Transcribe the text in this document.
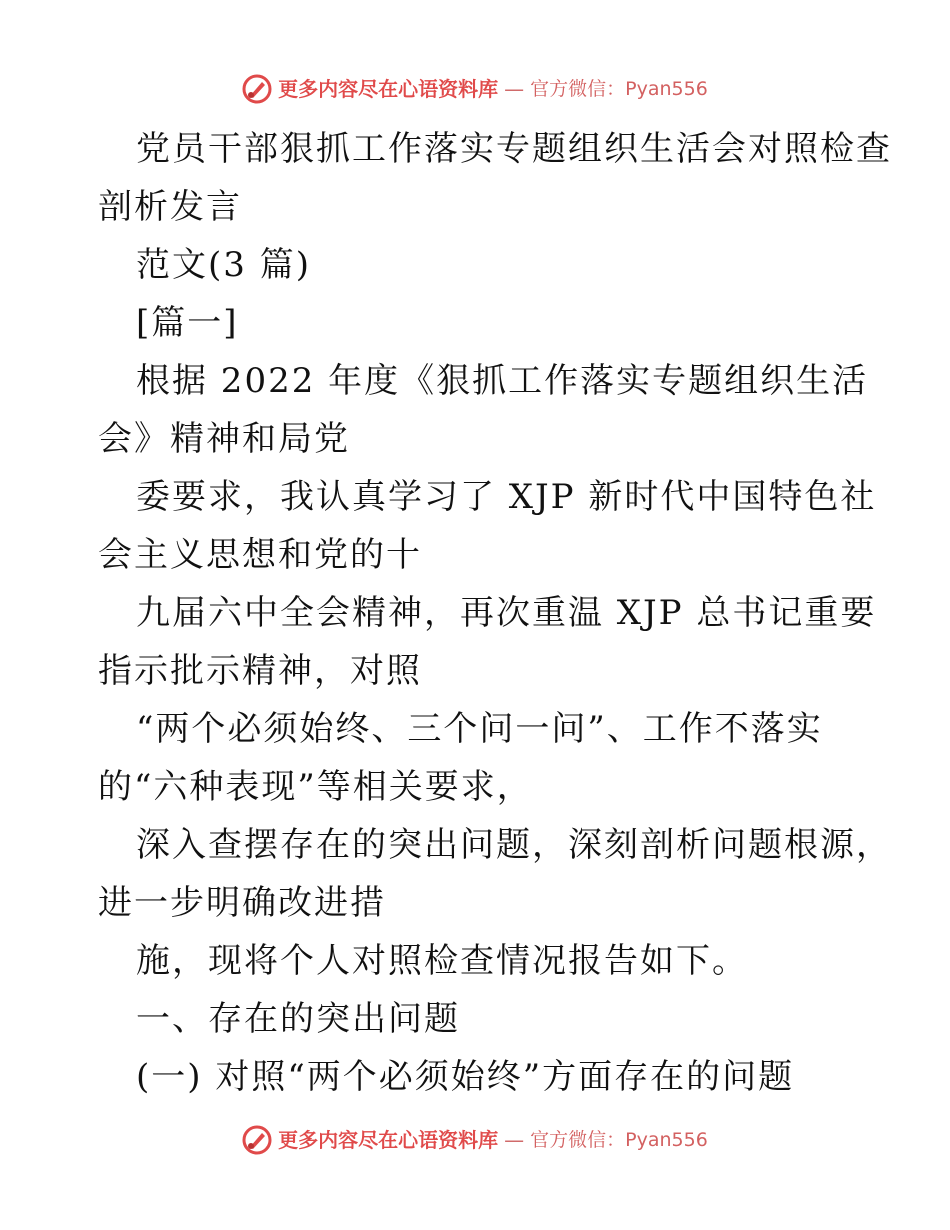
更多内容尽在心语资料库 — 官方微信：Pyan556
党员干部狠抓工作落实专题组织生活会对照检查
剖析发言
范文(3 篇)
[篇一]
根据 2022 年度《狠抓工作落实专题组织生活
会》精神和局党
委要求，我认真学习了 XJP 新时代中国特色社
会主义思想和党的十
九届六中全会精神，再次重温 XJP 总书记重要
指示批示精神，对照
“两个必须始终、三个问一问”、工作不落实
的“六种表现”等相关要求，
深入查摆存在的突出问题，深刻剖析问题根源，
进一步明确改进措
施，现将个人对照检查情况报告如下。
一、存在的突出问题
(一) 对照“两个必须始终”方面存在的问题
更多内容尽在心语资料库 — 官方微信：Pyan556
